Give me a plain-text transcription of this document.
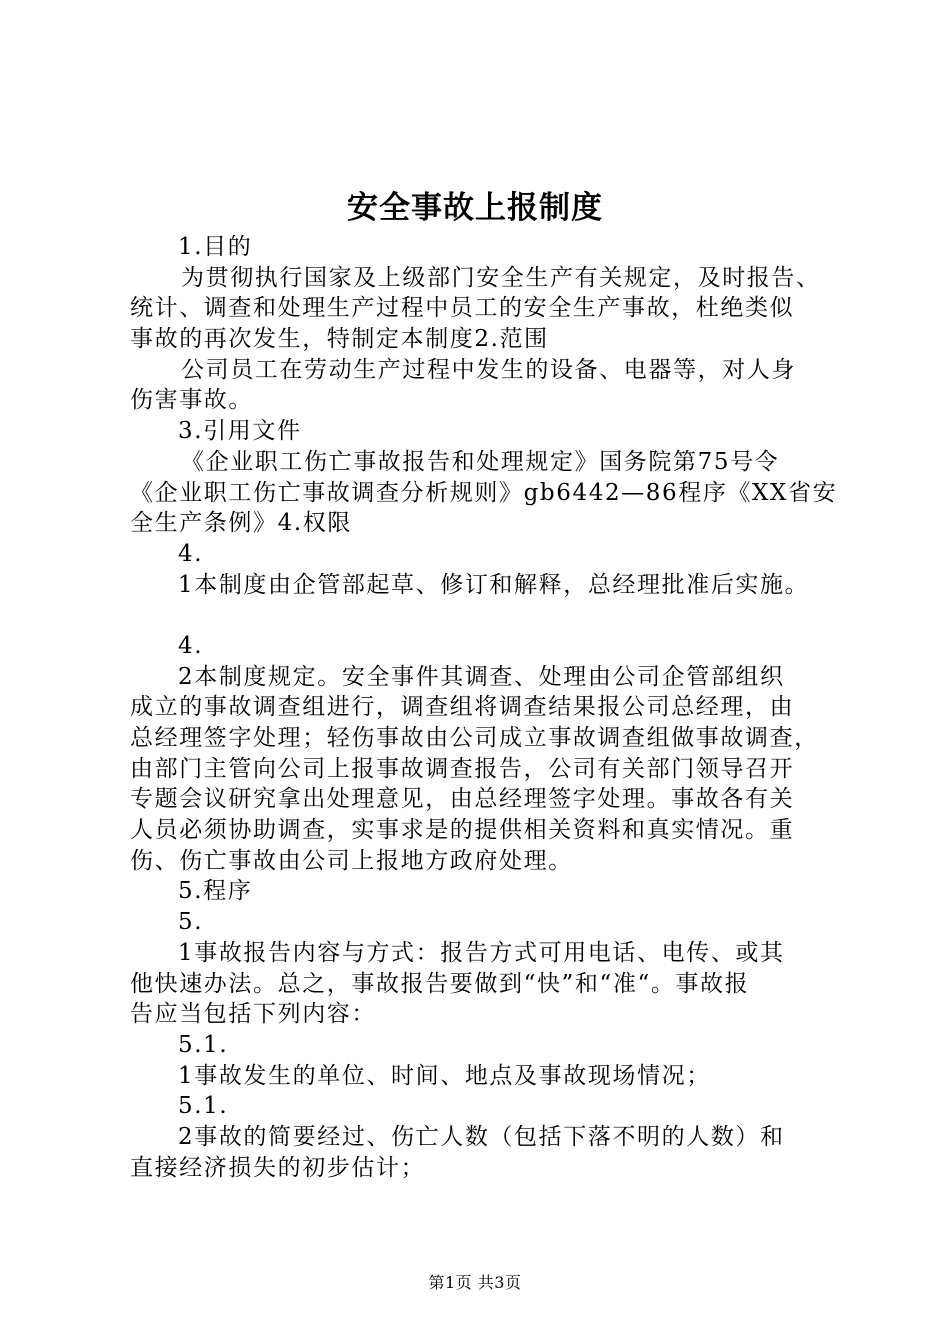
安全事故上报制度
1.目的
为贯彻执行国家及上级部门安全生产有关规定，及时报告、
统计、调查和处理生产过程中员工的安全生产事故，杜绝类似
事故的再次发生，特制定本制度2.范围
公司员工在劳动生产过程中发生的设备、电器等，对人身
伤害事故。
3.引用文件
《企业职工伤亡事故报告和处理规定》国务院第75号令
《企业职工伤亡事故调查分析规则》gb6442—86程序《XX省安
全生产条例》4.权限
4.
1本制度由企管部起草、修订和解释，总经理批准后实施。
4.
2本制度规定。安全事件其调查、处理由公司企管部组织
成立的事故调查组进行，调查组将调查结果报公司总经理，由
总经理签字处理；轻伤事故由公司成立事故调查组做事故调查，
由部门主管向公司上报事故调查报告，公司有关部门领导召开
专题会议研究拿出处理意见，由总经理签字处理。事故各有关
人员必须协助调查，实事求是的提供相关资料和真实情况。重
伤、伤亡事故由公司上报地方政府处理。
5.程序
5.
1事故报告内容与方式：报告方式可用电话、电传、或其
他快速办法。总之，事故报告要做到“快”和“准“。事故报
告应当包括下列内容：
5.1.
1事故发生的单位、时间、地点及事故现场情况；
5.1.
2事故的简要经过、伤亡人数（包括下落不明的人数）和
直接经济损失的初步估计；
第1页 共3页
